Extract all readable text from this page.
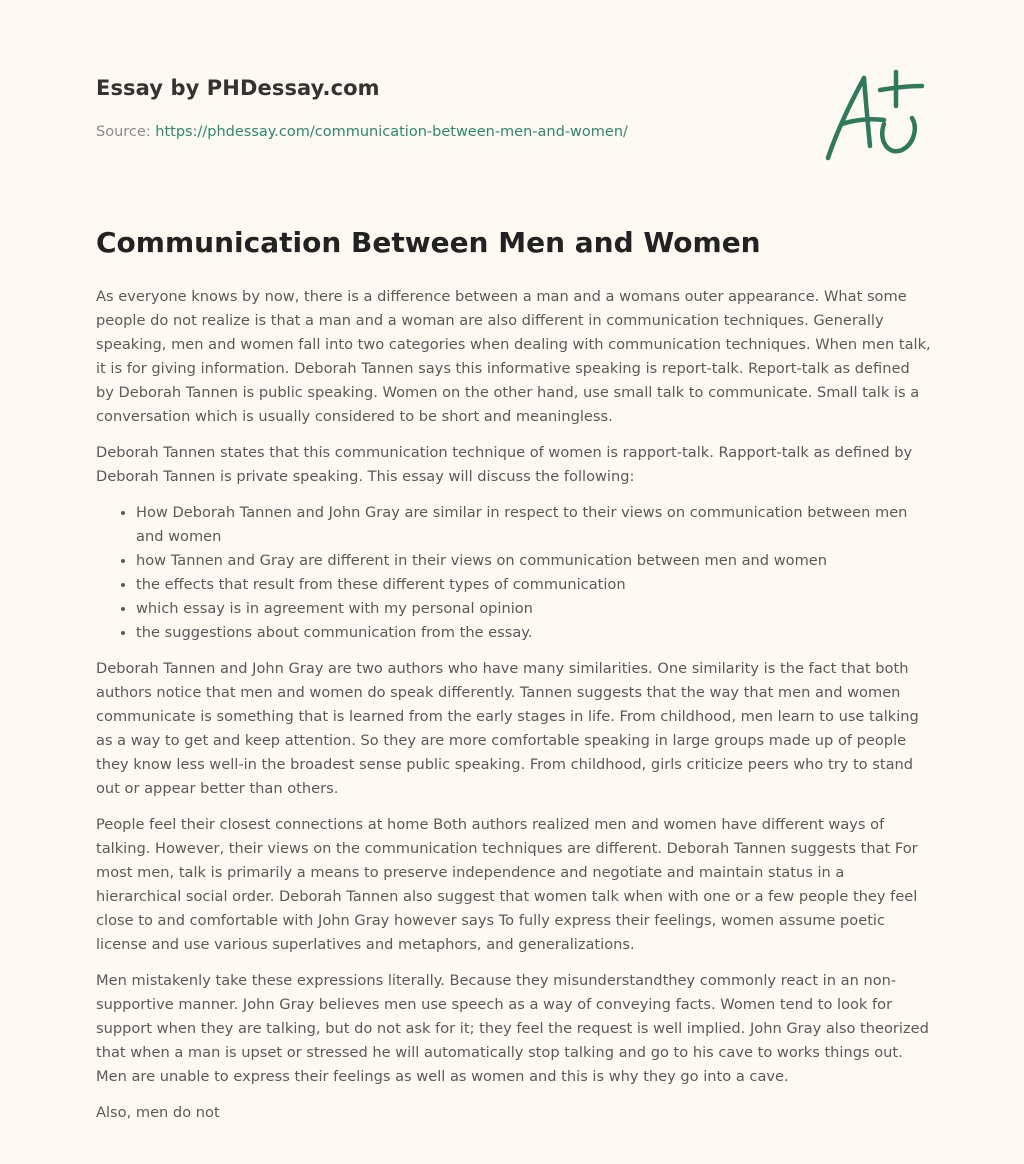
Essay by PHDessay.com

Source: https://phdessay.com/communication-between-men-and-women/

Communication Between Men and Women

As everyone knows by now, there is a difference between a man and a womans outer appearance. What some people do not realize is that a man and a woman are also different in communication techniques. Generally speaking, men and women fall into two categories when dealing with communication techniques. When men talk, it is for giving information. Deborah Tannen says this informative speaking is report-talk. Report-talk as defined by Deborah Tannen is public speaking. Women on the other hand, use small talk to communicate. Small talk is a conversation which is usually considered to be short and meaningless.

Deborah Tannen states that this communication technique of women is rapport-talk. Rapport-talk as defined by Deborah Tannen is private speaking. This essay will discuss the following:

• How Deborah Tannen and John Gray are similar in respect to their views on communication between men and women
• how Tannen and Gray are different in their views on communication between men and women
• the effects that result from these different types of communication
• which essay is in agreement with my personal opinion
• the suggestions about communication from the essay.

Deborah Tannen and John Gray are two authors who have many similarities. One similarity is the fact that both authors notice that men and women do speak differently. Tannen suggests that the way that men and women communicate is something that is learned from the early stages in life. From childhood, men learn to use talking as a way to get and keep attention. So they are more comfortable speaking in large groups made up of people they know less well-in the broadest sense public speaking. From childhood, girls criticize peers who try to stand out or appear better than others.

People feel their closest connections at home Both authors realized men and women have different ways of talking. However, their views on the communication techniques are different. Deborah Tannen suggests that For most men, talk is primarily a means to preserve independence and negotiate and maintain status in a hierarchical social order. Deborah Tannen also suggest that women talk when with one or a few people they feel close to and comfortable with John Gray however says To fully express their feelings, women assume poetic license and use various superlatives and metaphors, and generalizations.

Men mistakenly take these expressions literally. Because they misunderstandthey commonly react in an non-supportive manner. John Gray believes men use speech as a way of conveying facts. Women tend to look for support when they are talking, but do not ask for it; they feel the request is well implied. John Gray also theorized that when a man is upset or stressed he will automatically stop talking and go to his cave to works things out. Men are unable to express their feelings as well as women and this is why they go into a cave.

Also, men do not
